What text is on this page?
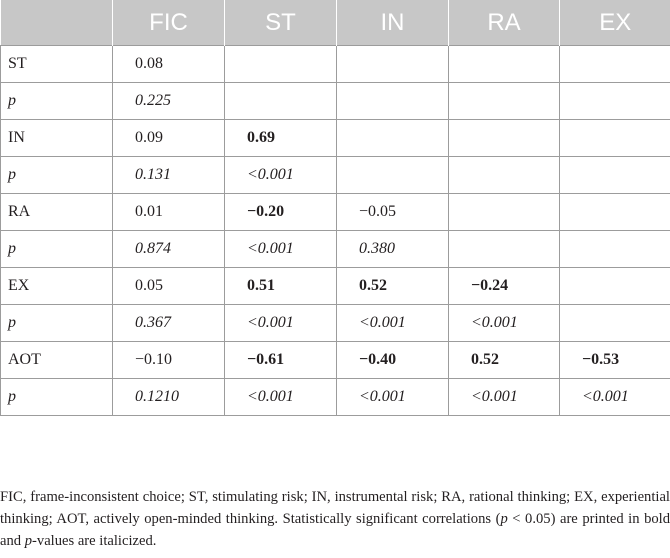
	FIC	ST	IN	RA	EX
ST	0.08				
p	0.225				
IN	0.09	0.69			
p	0.131	<0.001			
RA	0.01	−0.20	−0.05		
p	0.874	<0.001	0.380		
EX	0.05	0.51	0.52	−0.24	
p	0.367	<0.001	<0.001	<0.001	
AOT	−0.10	−0.61	−0.40	0.52	−0.53
p	0.1210	<0.001	<0.001	<0.001	<0.001

FIC, frame-inconsistent choice; ST, stimulating risk; IN, instrumental risk; RA, rational thinking; EX, experiential thinking; AOT, actively open-minded thinking. Statistically significant correlations (p < 0.05) are printed in bold and p-values are italicized.
